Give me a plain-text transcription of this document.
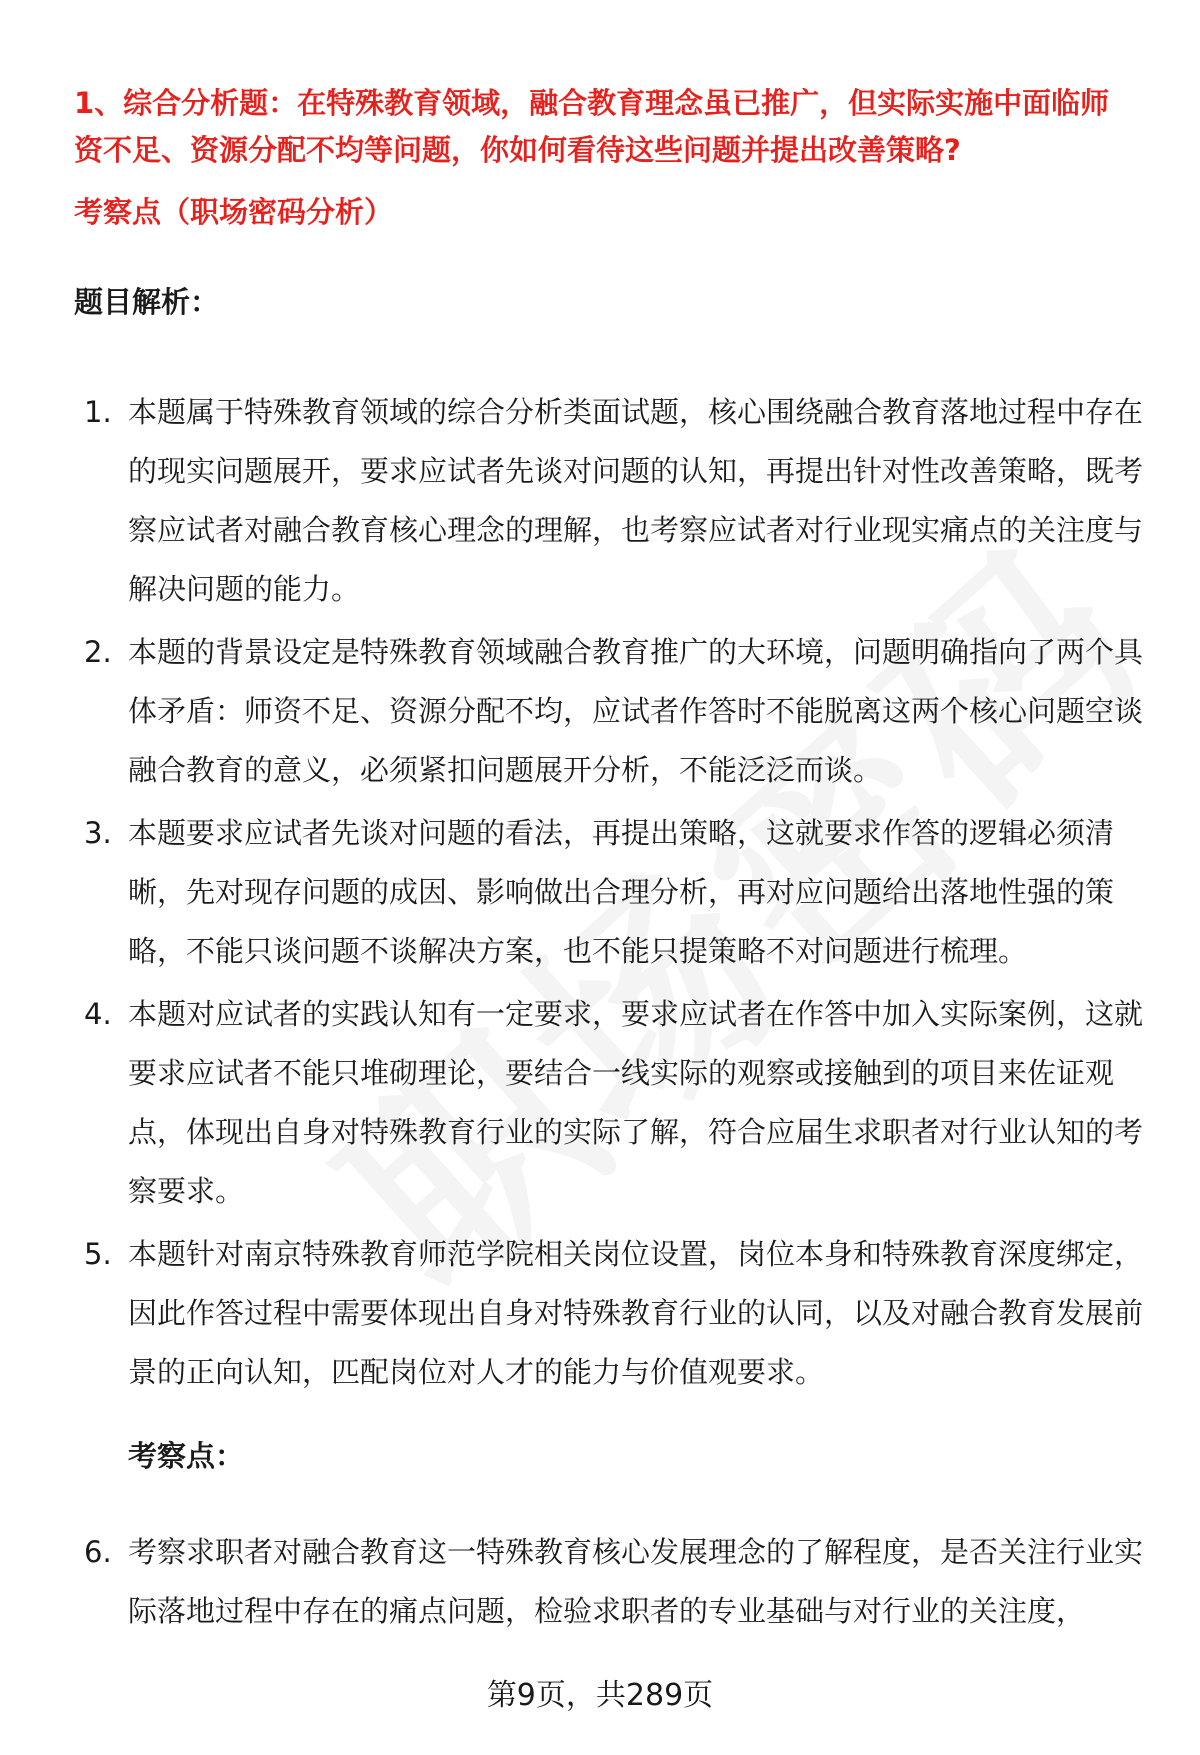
1、综合分析题：在特殊教育领域，融合教育理念虽已推广，但实际实施中面临师资不足、资源分配不均等问题，你如何看待这些问题并提出改善策略?
考察点（职场密码分析）
题目解析：
1. 本题属于特殊教育领域的综合分析类面试题，核心围绕融合教育落地过程中存在的现实问题展开，要求应试者先谈对问题的认知，再提出针对性改善策略，既考察应试者对融合教育核心理念的理解，也考察应试者对行业现实痛点的关注度与解决问题的能力。
2. 本题的背景设定是特殊教育领域融合教育推广的大环境，问题明确指向了两个具体矛盾：师资不足、资源分配不均，应试者作答时不能脱离这两个核心问题空谈融合教育的意义，必须紧扣问题展开分析，不能泛泛而谈。
3. 本题要求应试者先谈对问题的看法，再提出策略，这就要求作答的逻辑必须清晰，先对现存问题的成因、影响做出合理分析，再对应问题给出落地性强的策略，不能只谈问题不谈解决方案，也不能只提策略不对问题进行梳理。
4. 本题对应试者的实践认知有一定要求，要求应试者在作答中加入实际案例，这就要求应试者不能只堆砌理论，要结合一线实际的观察或接触到的项目来佐证观点，体现出自身对特殊教育行业的实际了解，符合应届生求职者对行业认知的考察要求。
5. 本题针对南京特殊教育师范学院相关岗位设置，岗位本身和特殊教育深度绑定，因此作答过程中需要体现出自身对特殊教育行业的认同，以及对融合教育发展前景的正向认知，匹配岗位对人才的能力与价值观要求。
考察点：
6. 考察求职者对融合教育这一特殊教育核心发展理念的了解程度，是否关注行业实际落地过程中存在的痛点问题，检验求职者的专业基础与对行业的关注度，
第9页，共289页
